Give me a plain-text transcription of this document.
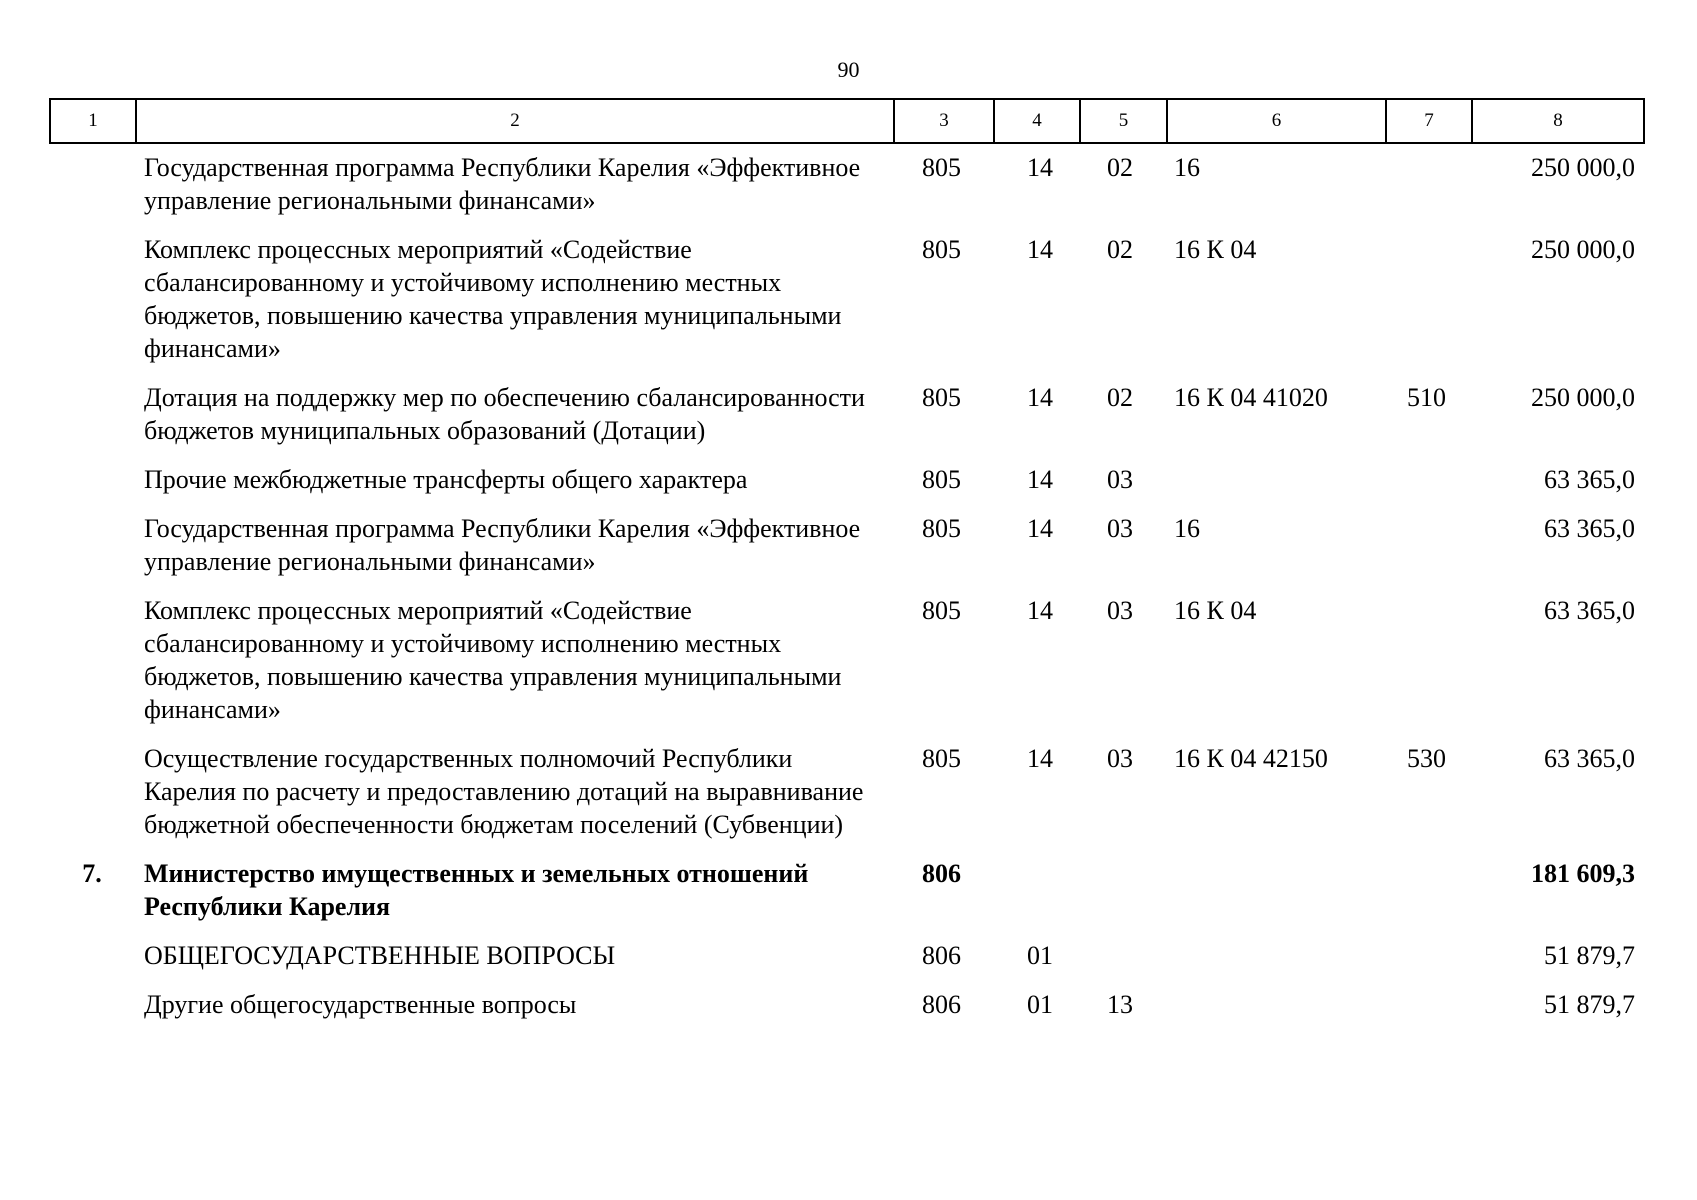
90
1	2	3	4	5	6	7	8
	Государственная программа Республики Карелия «Эффективное управление региональными финансами»	805	14	02	16		250 000,0
	Комплекс процессных мероприятий «Содействие сбалансированному и устойчивому исполнению местных бюджетов, повышению качества управления муниципальными финансами»	805	14	02	16 К 04		250 000,0
	Дотация на поддержку мер по обеспечению сбалансированности бюджетов муниципальных образований (Дотации)	805	14	02	16 К 04 41020	510	250 000,0
	Прочие межбюджетные трансферты общего характера	805	14	03			63 365,0
	Государственная программа Республики Карелия «Эффективное управление региональными финансами»	805	14	03	16		63 365,0
	Комплекс процессных мероприятий «Содействие сбалансированному и устойчивому исполнению местных бюджетов, повышению качества управления муниципальными финансами»	805	14	03	16 К 04		63 365,0
	Осуществление государственных полномочий Республики Карелия по расчету и предоставлению дотаций на выравнивание бюджетной обеспеченности бюджетам поселений (Субвенции)	805	14	03	16 К 04 42150	530	63 365,0
7.	Министерство имущественных и земельных отношений Республики Карелия	806					181 609,3
	ОБЩЕГОСУДАРСТВЕННЫЕ ВОПРОСЫ	806	01				51 879,7
	Другие общегосударственные вопросы	806	01	13			51 879,7
